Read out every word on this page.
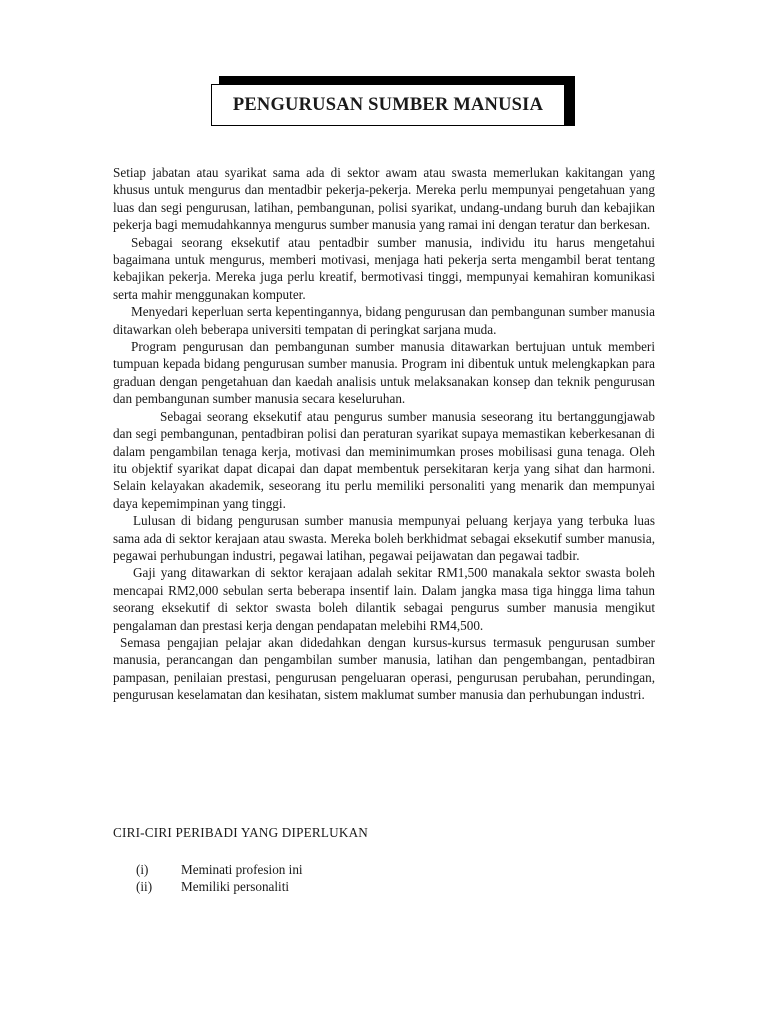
PENGURUSAN SUMBER MANUSIA

Setiap jabatan atau syarikat sama ada di sektor awam atau swasta memerlukan kakitangan yang khusus untuk mengurus dan mentadbir pekerja-pekerja. Mereka perlu mempunyai pengetahuan yang luas dan segi pengurusan, latihan, pembangunan, polisi syarikat, undang-undang buruh dan kebajikan pekerja bagi memudahkannya mengurus sumber manusia yang ramai ini dengan teratur dan berkesan.

Sebagai seorang eksekutif atau pentadbir sumber manusia, individu itu harus mengetahui bagaimana untuk mengurus, memberi motivasi, menjaga hati pekerja serta mengambil berat tentang kebajikan pekerja. Mereka juga perlu kreatif, bermotivasi tinggi, mempunyai kemahiran komunikasi serta mahir menggunakan komputer.

Menyedari keperluan serta kepentingannya, bidang pengurusan dan pembangunan sumber manusia ditawarkan oleh beberapa universiti tempatan di peringkat sarjana muda.

Program pengurusan dan pembangunan sumber manusia ditawarkan bertujuan untuk memberi tumpuan kepada bidang pengurusan sumber manusia. Program ini dibentuk untuk melengkapkan para graduan dengan pengetahuan dan kaedah analisis untuk melaksanakan konsep dan teknik pengurusan dan pembangunan sumber manusia secara keseluruhan.

Sebagai seorang eksekutif atau pengurus sumber manusia seseorang itu bertanggungjawab dan segi pembangunan, pentadbiran polisi dan peraturan syarikat supaya memastikan keberkesanan di dalam pengambilan tenaga kerja, motivasi dan meminimumkan proses mobilisasi guna tenaga. Oleh itu objektif syarikat dapat dicapai dan dapat membentuk persekitaran kerja yang sihat dan harmoni. Selain kelayakan akademik, seseorang itu perlu memiliki personaliti yang menarik dan mempunyai daya kepemimpinan yang tinggi.

Lulusan di bidang pengurusan sumber manusia mempunyai peluang kerjaya yang terbuka luas sama ada di sektor kerajaan atau swasta. Mereka boleh berkhidmat sebagai eksekutif sumber manusia, pegawai perhubungan industri, pegawai latihan, pegawai peijawatan dan pegawai tadbir.

Gaji yang ditawarkan di sektor kerajaan adalah sekitar RM1,500 manakala sektor swasta boleh mencapai RM2,000 sebulan serta beberapa insentif lain. Dalam jangka masa tiga hingga lima tahun seorang eksekutif di sektor swasta boleh dilantik sebagai pengurus sumber manusia mengikut pengalaman dan prestasi kerja dengan pendapatan melebihi RM4,500.

Semasa pengajian pelajar akan didedahkan dengan kursus-kursus termasuk pengurusan sumber manusia, perancangan dan pengambilan sumber manusia, latihan dan pengembangan, pentadbiran pampasan, penilaian prestasi, pengurusan pengeluaran operasi, pengurusan perubahan, perundingan, pengurusan keselamatan dan kesihatan, sistem maklumat sumber manusia dan perhubungan industri.

CIRI-CIRI PERIBADI YANG DIPERLUKAN
(i)	Meminati profesion ini
(ii)	Memiliki personaliti
